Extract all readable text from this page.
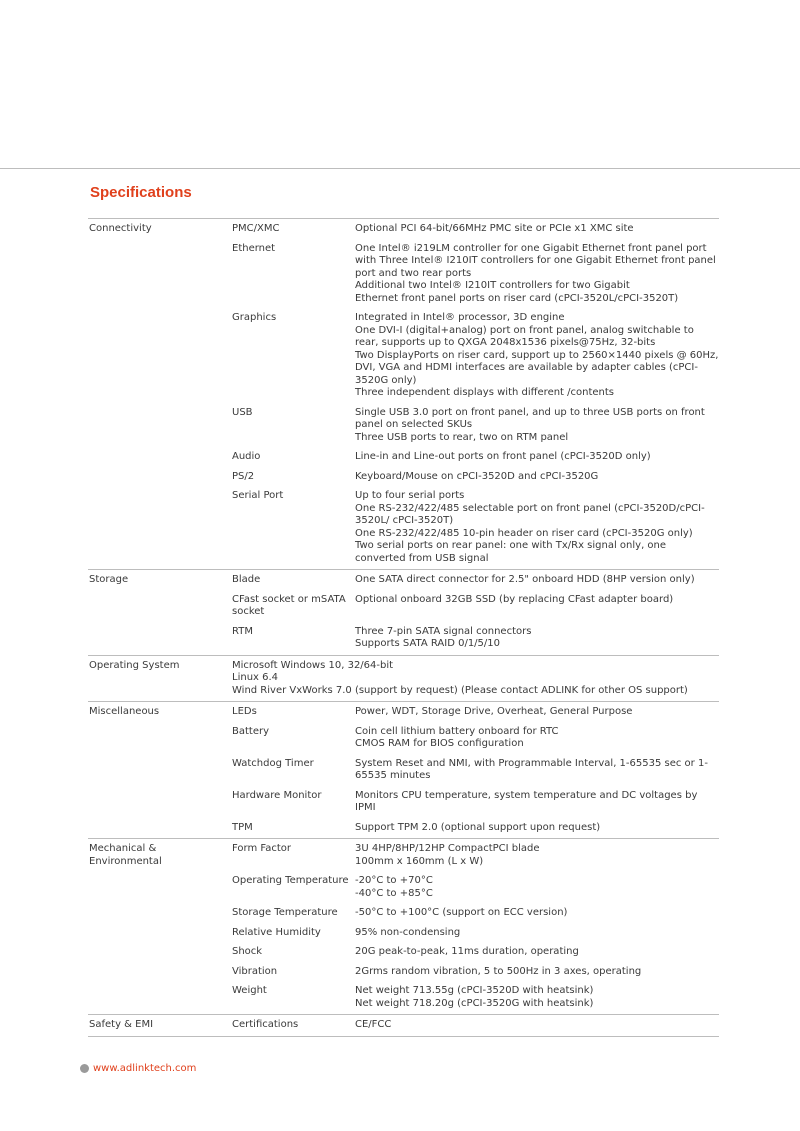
Specifications
Connectivity	PMC/XMC	Optional PCI 64-bit/66MHz PMC site or PCIe x1 XMC site

	Ethernet	One Intel® i219LM controller for one Gigabit Ethernet front panel port with Three Intel® I210IT controllers for one Gigabit Ethernet front panel port and two rear ports
Additional two Intel® I210IT controllers for two Gigabit
Ethernet front panel ports on riser card (cPCI-3520L/cPCI-3520T)

	Graphics	Integrated in Intel® processor, 3D engine
One DVI-I (digital+analog) port on front panel, analog switchable to rear, supports up to QXGA 2048x1536 pixels@75Hz, 32-bits
Two DisplayPorts on riser card, support up to 2560×1440 pixels @ 60Hz, DVI, VGA and HDMI interfaces are available by adapter cables (cPCI-3520G only)
Three independent displays with different /contents

	USB	Single USB 3.0 port on front panel, and up to three USB ports on front panel on selected SKUs
Three USB ports to rear, two on RTM panel

	Audio	Line-in and Line-out ports on front panel (cPCI-3520D only)

	PS/2	Keyboard/Mouse on cPCI-3520D and cPCI-3520G

	Serial Port	Up to four serial ports
One RS-232/422/485 selectable port on front panel (cPCI-3520D/cPCI-3520L/ cPCI-3520T)
One RS-232/422/485 10-pin header on riser card (cPCI-3520G only)
Two serial ports on rear panel: one with Tx/Rx signal only, one converted from USB signal

Storage	Blade	One SATA direct connector for 2.5" onboard HDD (8HP version only)

	CFast socket or mSATA socket	Optional onboard 32GB SSD (by replacing CFast adapter board)

	RTM	Three 7-pin SATA signal connectors
Supports SATA RAID 0/1/5/10

Operating System	Microsoft Windows 10, 32/64-bit
Linux 6.4
Wind River VxWorks 7.0 (support by request) (Please contact ADLINK for other OS support)	

Miscellaneous	LEDs	Power, WDT, Storage Drive, Overheat, General Purpose

	Battery	Coin cell lithium battery onboard for RTC
CMOS RAM for BIOS configuration

	Watchdog Timer	System Reset and NMI, with Programmable Interval, 1-65535 sec or 1-65535 minutes

	Hardware Monitor	Monitors CPU temperature, system temperature and DC voltages by IPMI

	TPM	Support TPM 2.0 (optional support upon request)

Mechanical & Environmental	Form Factor	3U 4HP/8HP/12HP CompactPCI blade
100mm x 160mm (L x W)

	Operating Temperature	-20°C to +70°C
-40°C to +85°C

	Storage Temperature	-50°C to +100°C (support on ECC version)

	Relative Humidity	95% non-condensing

	Shock	20G peak-to-peak, 11ms duration, operating

	Vibration	2Grms random vibration, 5 to 500Hz in 3 axes, operating

	Weight	Net weight 713.55g (cPCI-3520D with heatsink)
Net weight 718.20g (cPCI-3520G with heatsink)

Safety & EMI	Certifications	CE/FCC
www.adlinktech.com
